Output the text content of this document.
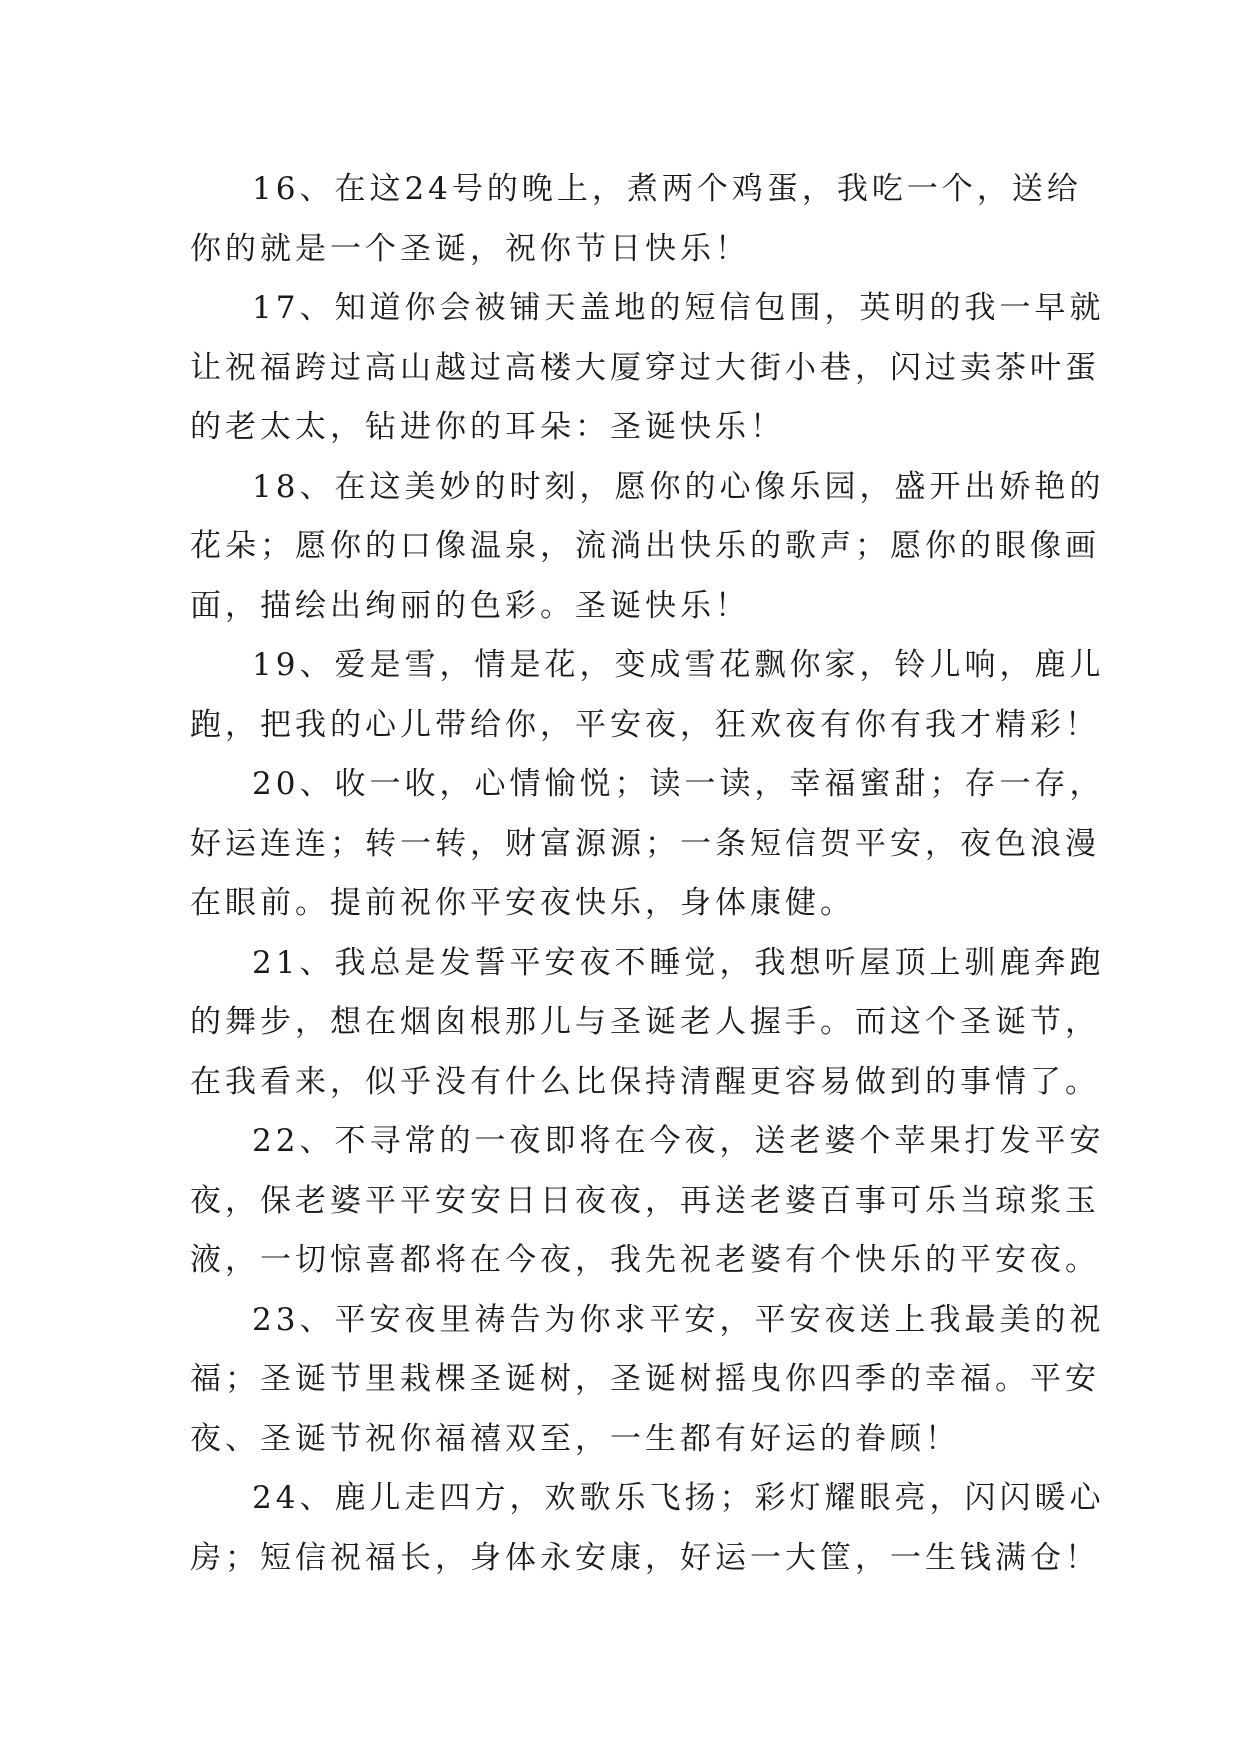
16、在这24号的晚上，煮两个鸡蛋，我吃一个，送给
你的就是一个圣诞，祝你节日快乐！
17、知道你会被铺天盖地的短信包围，英明的我一早就
让祝福跨过高山越过高楼大厦穿过大街小巷，闪过卖茶叶蛋
的老太太，钻进你的耳朵：圣诞快乐！
18、在这美妙的时刻，愿你的心像乐园，盛开出娇艳的
花朵；愿你的口像温泉，流淌出快乐的歌声；愿你的眼像画
面，描绘出绚丽的色彩。圣诞快乐！
19、爱是雪，情是花，变成雪花飘你家，铃儿响，鹿儿
跑，把我的心儿带给你，平安夜，狂欢夜有你有我才精彩！
20、收一收，心情愉悦；读一读，幸福蜜甜；存一存，
好运连连；转一转，财富源源；一条短信贺平安，夜色浪漫
在眼前。提前祝你平安夜快乐，身体康健。
21、我总是发誓平安夜不睡觉，我想听屋顶上驯鹿奔跑
的舞步，想在烟囱根那儿与圣诞老人握手。而这个圣诞节，
在我看来，似乎没有什么比保持清醒更容易做到的事情了。
22、不寻常的一夜即将在今夜，送老婆个苹果打发平安
夜，保老婆平平安安日日夜夜，再送老婆百事可乐当琼浆玉
液，一切惊喜都将在今夜，我先祝老婆有个快乐的平安夜。
23、平安夜里祷告为你求平安，平安夜送上我最美的祝
福；圣诞节里栽棵圣诞树，圣诞树摇曳你四季的幸福。平安
夜、圣诞节祝你福禧双至，一生都有好运的眷顾！
24、鹿儿走四方，欢歌乐飞扬；彩灯耀眼亮，闪闪暖心
房；短信祝福长，身体永安康，好运一大筐，一生钱满仓！
